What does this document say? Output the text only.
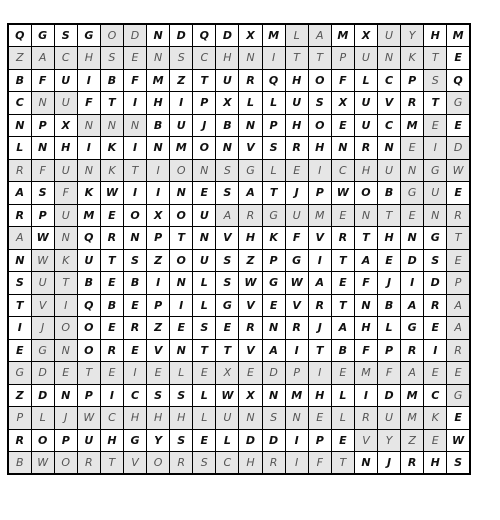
Q	G	S	G	O	D	N	D	Q	D	X	M	L	A	M	X	U	Y	H	M
Z	A	C	H	S	E	N	S	C	H	N	I	T	T	P	U	N	K	T	E
B	F	U	I	B	F	M	Z	T	U	R	Q	H	O	F	L	C	P	S	Q
C	N	U	F	T	I	H	I	P	X	L	L	U	S	X	U	V	R	T	G
N	P	X	N	N	N	B	U	J	B	N	P	H	O	E	U	C	M	E	E
L	N	H	I	K	I	N	M	O	N	V	S	R	H	N	R	N	E	I	D
R	F	U	N	K	T	I	O	N	S	G	L	E	I	C	H	U	N	G	W
A	S	F	K	W	I	I	N	E	S	A	T	J	P	W	O	B	G	U	E
R	P	U	M	E	O	X	O	U	A	R	G	U	M	E	N	T	E	N	R
A	W	N	Q	R	N	P	T	N	V	H	K	F	V	R	T	H	N	G	T
N	W	K	U	T	S	Z	O	U	S	Z	P	G	I	T	A	E	D	S	E
S	U	T	B	E	B	I	N	L	S	W	G	W	A	E	F	J	I	D	P
T	V	I	Q	B	E	P	I	L	G	V	E	V	R	T	N	B	A	R	A
I	J	O	O	E	R	Z	E	S	E	R	N	R	J	A	H	L	G	E	A
E	G	N	O	R	E	V	N	T	T	V	A	I	T	B	F	P	R	I	R
G	D	E	T	E	I	E	L	E	X	E	D	P	I	E	M	F	A	E	E
Z	D	N	P	I	C	S	S	L	W	X	N	M	H	L	I	D	M	C	G
P	L	J	W	C	H	H	H	L	U	N	S	N	E	L	R	U	M	K	E
R	O	P	U	H	G	Y	S	E	L	D	D	I	P	E	V	Y	Z	E	W
B	W	O	R	T	V	O	R	S	C	H	R	I	F	T	N	J	R	H	S
